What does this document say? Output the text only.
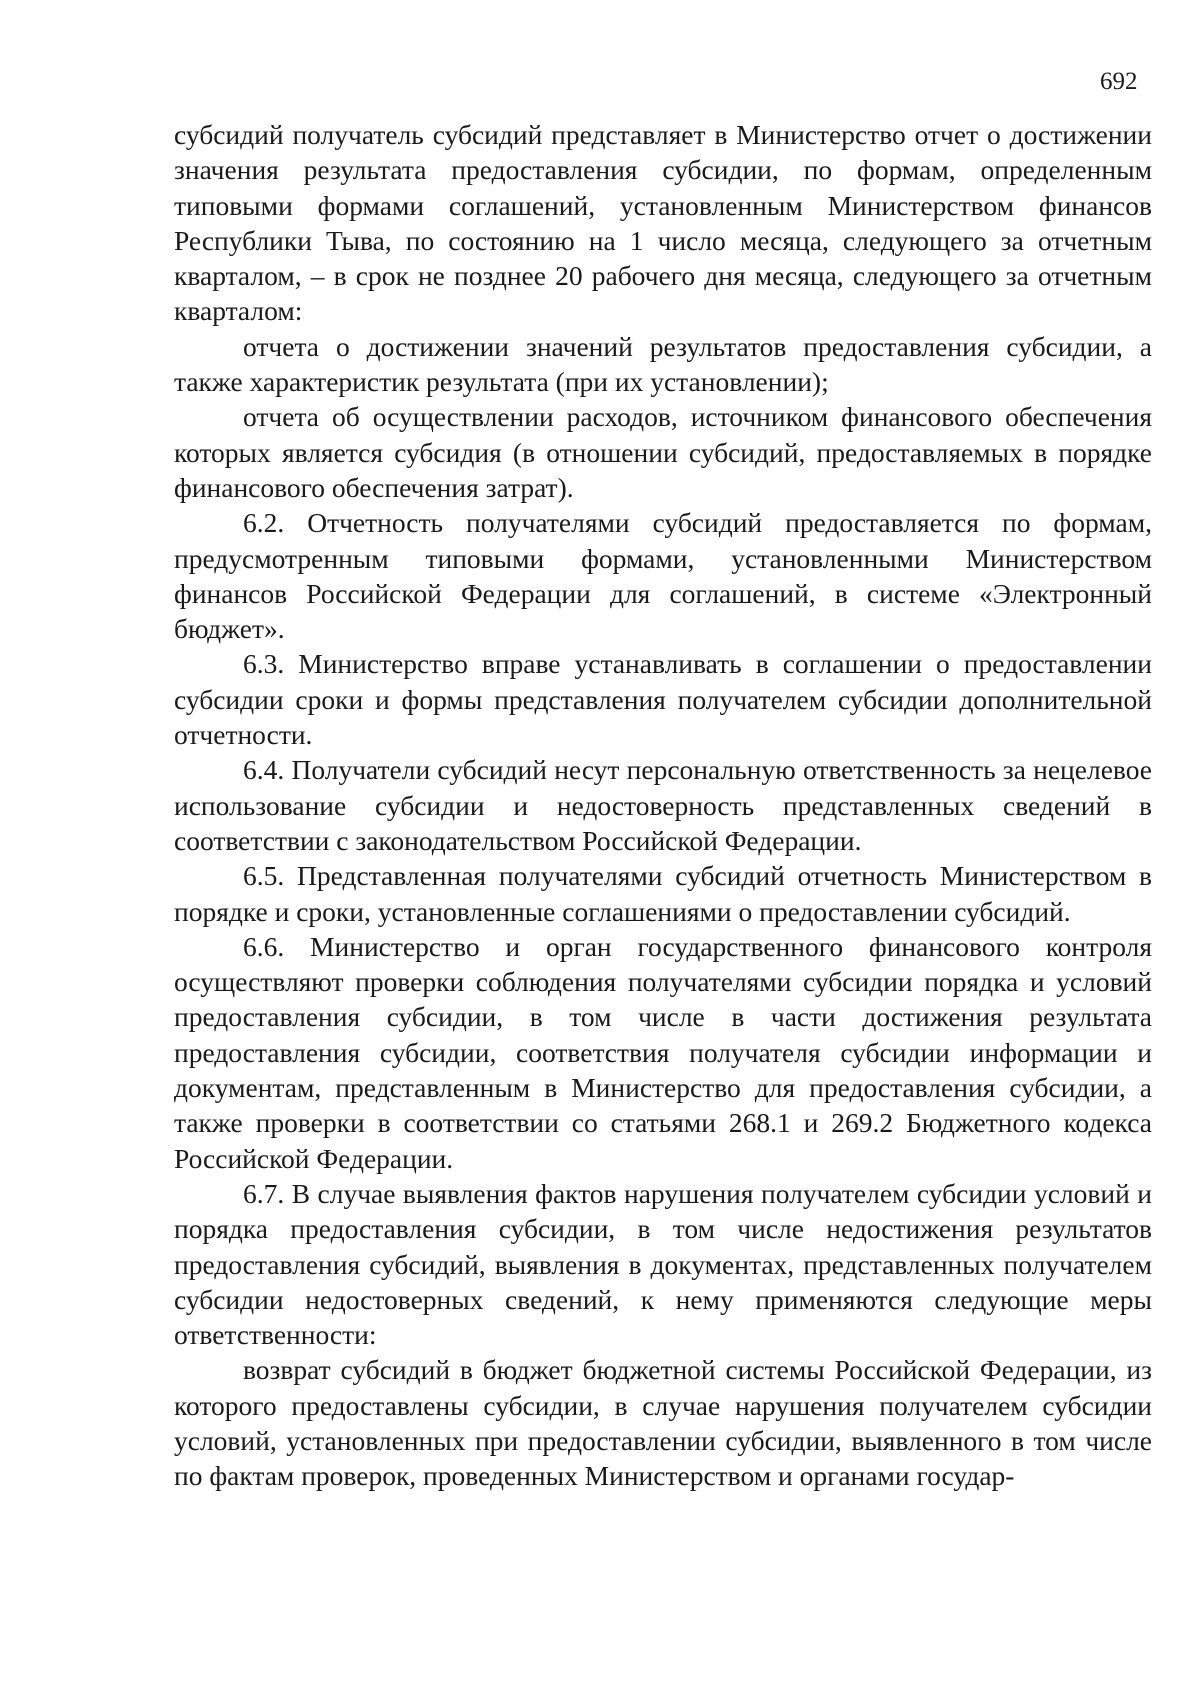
692

субсидий получатель субсидий представляет в Министерство отчет о достижении значения результата предоставления субсидии, по формам, определенным типовыми формами соглашений, установленным Министерством финансов Республики Тыва, по состоянию на 1 число месяца, следующего за отчетным кварталом, – в срок не позднее 20 рабочего дня месяца, следующего за отчетным кварталом:

отчета о достижении значений результатов предоставления субсидии, а также характеристик результата (при их установлении);

отчета об осуществлении расходов, источником финансового обеспечения которых является субсидия (в отношении субсидий, предоставляемых в порядке финансового обеспечения затрат).

6.2. Отчетность получателями субсидий предоставляется по формам, предусмотренным типовыми формами, установленными Министерством финансов Российской Федерации для соглашений, в системе «Электронный бюджет».

6.3. Министерство вправе устанавливать в соглашении о предоставлении субсидии сроки и формы представления получателем субсидии дополнительной отчетности.

6.4. Получатели субсидий несут персональную ответственность за нецелевое использование субсидии и недостоверность представленных сведений в соответствии с законодательством Российской Федерации.

6.5. Представленная получателями субсидий отчетность Министерством в порядке и сроки, установленные соглашениями о предоставлении субсидий.

6.6. Министерство и орган государственного финансового контроля осуществляют проверки соблюдения получателями субсидии порядка и условий предоставления субсидии, в том числе в части достижения результата предоставления субсидии, соответствия получателя субсидии информации и документам, представленным в Министерство для предоставления субсидии, а также проверки в соответствии со статьями 268.1 и 269.2 Бюджетного кодекса Российской Федерации.

6.7. В случае выявления фактов нарушения получателем субсидии условий и порядка предоставления субсидии, в том числе недостижения результатов предоставления субсидий, выявления в документах, представленных получателем субсидии недостоверных сведений, к нему применяются следующие меры ответственности:

возврат субсидий в бюджет бюджетной системы Российской Федерации, из которого предоставлены субсидии, в случае нарушения получателем субсидии условий, установленных при предоставлении субсидии, выявленного в том числе по фактам проверок, проведенных Министерством и органами государ-
